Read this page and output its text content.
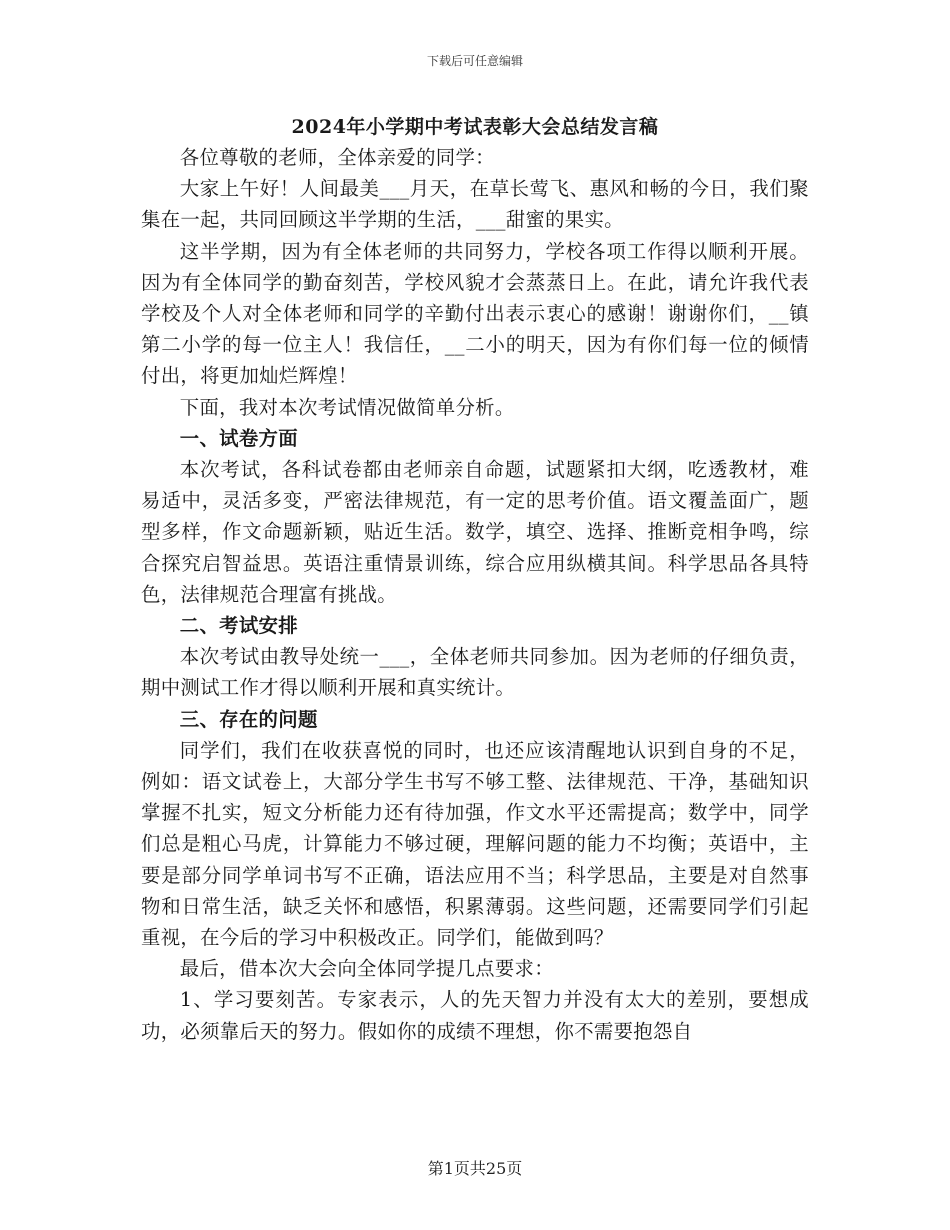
下载后可任意编辑
2024年小学期中考试表彰大会总结发言稿

各位尊敬的老师，全体亲爱的同学：

大家上午好！人间最美___月天，在草长莺飞、惠风和畅的今日，我们聚集在一起，共同回顾这半学期的生活，___甜蜜的果实。

这半学期，因为有全体老师的共同努力，学校各项工作得以顺利开展。因为有全体同学的勤奋刻苦，学校风貌才会蒸蒸日上。在此，请允许我代表学校及个人对全体老师和同学的辛勤付出表示衷心的感谢！谢谢你们，__镇第二小学的每一位主人！我信任，__二小的明天，因为有你们每一位的倾情付出，将更加灿烂辉煌！

下面，我对本次考试情况做简单分析。

一、试卷方面

本次考试，各科试卷都由老师亲自命题，试题紧扣大纲，吃透教材，难易适中，灵活多变，严密法律规范，有一定的思考价值。语文覆盖面广，题型多样，作文命题新颖，贴近生活。数学，填空、选择、推断竞相争鸣，综合探究启智益思。英语注重情景训练，综合应用纵横其间。科学思品各具特色，法律规范合理富有挑战。

二、考试安排

本次考试由教导处统一___，全体老师共同参加。因为老师的仔细负责，期中测试工作才得以顺利开展和真实统计。

三、存在的问题

同学们，我们在收获喜悦的同时，也还应该清醒地认识到自身的不足，例如：语文试卷上，大部分学生书写不够工整、法律规范、干净，基础知识掌握不扎实，短文分析能力还有待加强，作文水平还需提高；数学中，同学们总是粗心马虎，计算能力不够过硬，理解问题的能力不均衡；英语中，主要是部分同学单词书写不正确，语法应用不当；科学思品，主要是对自然事物和日常生活，缺乏关怀和感悟，积累薄弱。这些问题，还需要同学们引起重视，在今后的学习中积极改正。同学们，能做到吗？

最后，借本次大会向全体同学提几点要求：

1、学习要刻苦。专家表示，人的先天智力并没有太大的差别，要想成功，必须靠后天的努力。假如你的成绩不理想，你不需要抱怨自

第1页共25页
